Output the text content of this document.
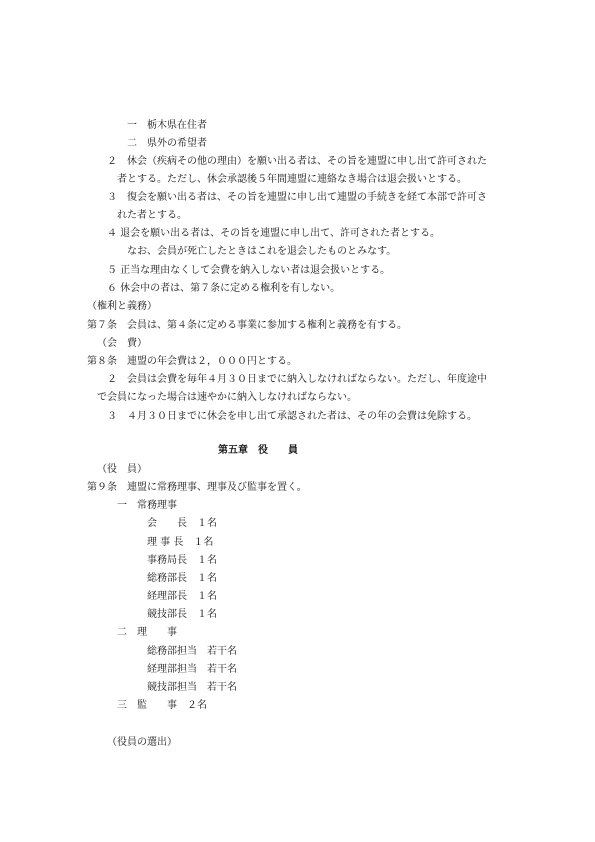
一　栃木県在住者
二　県外の希望者
２　休会（疾病その他の理由）を願い出る者は、その旨を連盟に申し出て許可された
者とする。ただし、休会承認後５年間連盟に連絡なき場合は退会扱いとする。
３　復会を願い出る者は、その旨を連盟に申し出て連盟の手続きを経て本部で許可さ
れた者とする。
４ 退会を願い出る者は、その旨を連盟に申し出て、許可された者とする。
なお、会員が死亡したときはこれを退会したものとみなす。
５ 正当な理由なくして会費を納入しない者は退会扱いとする。
６ 休会中の者は、第７条に定める権利を有しない。
（権利と義務）
第７条　会員は、第４条に定める事業に参加する権利と義務を有する。
（会　費）
第８条　連盟の年会費は２，０００円とする。
２　会員は会費を毎年４月３０日までに納入しなければならない。ただし、年度途中
で会員になった場合は速やかに納入しなければならない。
３　４月３０日までに休会を申し出て承認された者は、その年の会費は免除する。
第五章　役　　員
（役　員）
第９条　連盟に常務理事、理事及び監事を置く。
一　常務理事
会　　長　１名
理 事 長　１名
事務局長　１名
総務部長　１名
経理部長　１名
競技部長　１名
二　理　　事
総務部担当　若干名
経理部担当　若干名
競技部担当　若干名
三　監　　事　２名
（役員の選出）
